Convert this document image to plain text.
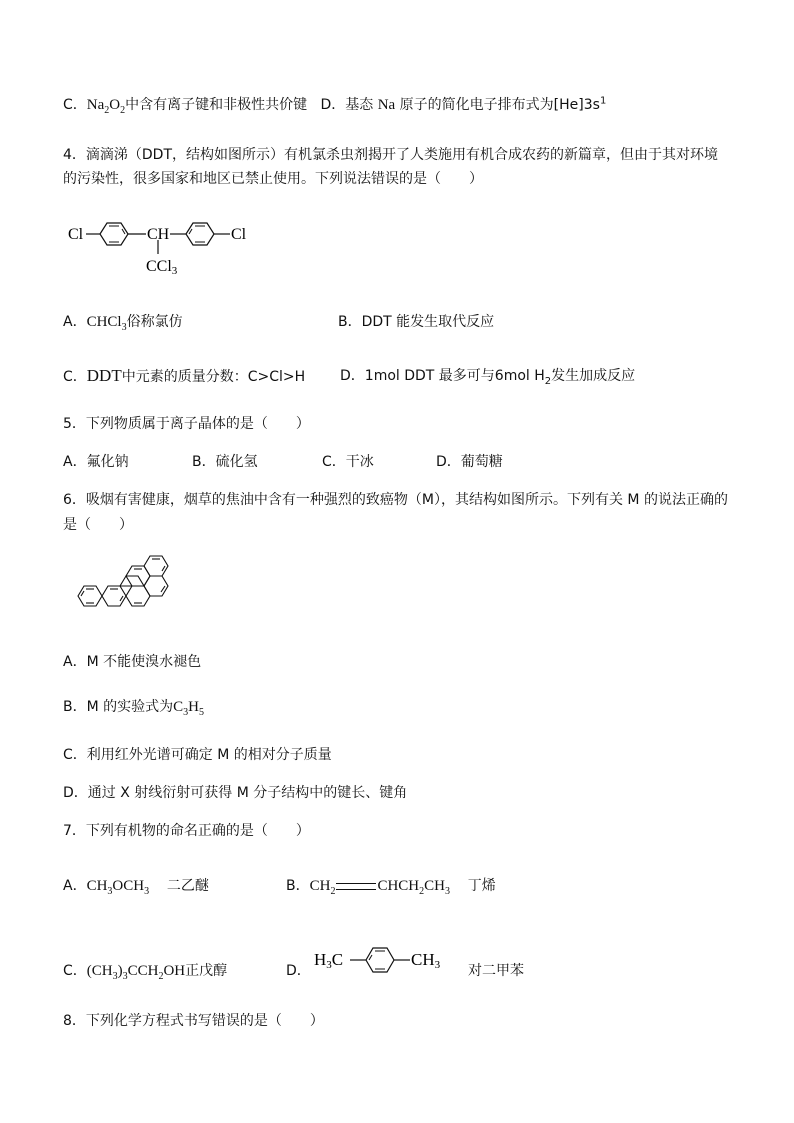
C．$Na_2O_2$中含有离子键和非极性共价键 D．基态 Na 原子的简化电子排布式为$[He]3s^1$
4．滴滴涕（DDT，结构如图所示）有机氯杀虫剂揭开了人类施用有机合成农药的新篇章，但由于其对环境
的污染性，很多国家和地区已禁止使用。下列说法错误的是（　　）
Cl	CH	Cl
CCl3
A．CHCl$_3$俗称氯仿	B．DDT 能发生取代反应
C．DDT中元素的质量分数：C>Cl>H D．1mol DDT 最多可与6mol $H_2$发生加成反应
5．下列物质属于离子晶体的是（　　）
A．氟化钠	B．硫化氢	C．干冰	D．葡萄糖
6．吸烟有害健康，烟草的焦油中含有一种强烈的致癌物（M），其结构如图所示。下列有关 M 的说法正确的
是（　　）
A．M 不能使溴水褪色
B．M 的实验式为$C_3H_5$
C．利用红外光谱可确定 M 的相对分子质量
D．通过 X 射线衍射可获得 M 分子结构中的键长、键角
7．下列有机物的命名正确的是（　　）
A．$CH_3OCH_3$ 二乙醚	B．$CH_2$	$CHCH_2CH_3$ 丁烯
C．$(CH_3)_3CCH_2OH$正戊醇	D．
H3C	CH3 对二甲苯
8．下列化学方程式书写错误的是（　　）
